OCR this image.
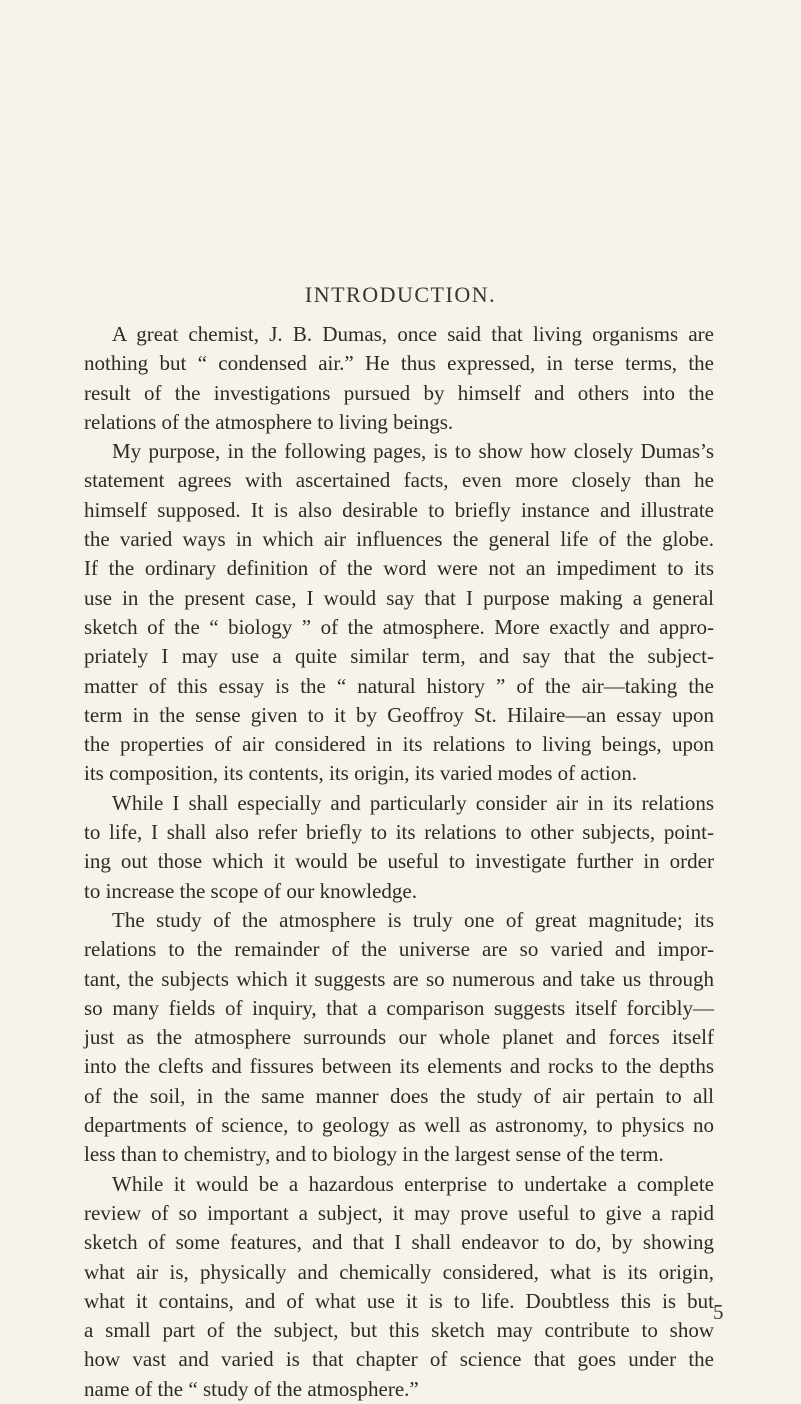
INTRODUCTION.
A great chemist, J. B. Dumas, once said that living organisms are
nothing but “ condensed air.” He thus expressed, in terse terms, the
result of the investigations pursued by himself and others into the
relations of the atmosphere to living beings.
My purpose, in the following pages, is to show how closely Dumas’s
statement agrees with ascertained facts, even more closely than he
himself supposed. It is also desirable to briefly instance and illustrate
the varied ways in which air influences the general life of the globe.
If the ordinary definition of the word were not an impediment to its
use in the present case, I would say that I purpose making a general
sketch of the “ biology ” of the atmosphere. More exactly and appro-
priately I may use a quite similar term, and say that the subject-
matter of this essay is the “ natural history ” of the air—taking the
term in the sense given to it by Geoffroy St. Hilaire—an essay upon
the properties of air considered in its relations to living beings, upon
its composition, its contents, its origin, its varied modes of action.
While I shall especially and particularly consider air in its relations
to life, I shall also refer briefly to its relations to other subjects, point-
ing out those which it would be useful to investigate further in order
to increase the scope of our knowledge.
The study of the atmosphere is truly one of great magnitude; its
relations to the remainder of the universe are so varied and impor-
tant, the subjects which it suggests are so numerous and take us through
so many fields of inquiry, that a comparison suggests itself forcibly—
just as the atmosphere surrounds our whole planet and forces itself
into the clefts and fissures between its elements and rocks to the depths
of the soil, in the same manner does the study of air pertain to all
departments of science, to geology as well as astronomy, to physics no
less than to chemistry, and to biology in the largest sense of the term.
While it would be a hazardous enterprise to undertake a complete
review of so important a subject, it may prove useful to give a rapid
sketch of some features, and that I shall endeavor to do, by showing
what air is, physically and chemically considered, what is its origin,
what it contains, and of what use it is to life. Doubtless this is but
a small part of the subject, but this sketch may contribute to show
how vast and varied is that chapter of science that goes under the
name of the “ study of the atmosphere.”
5
